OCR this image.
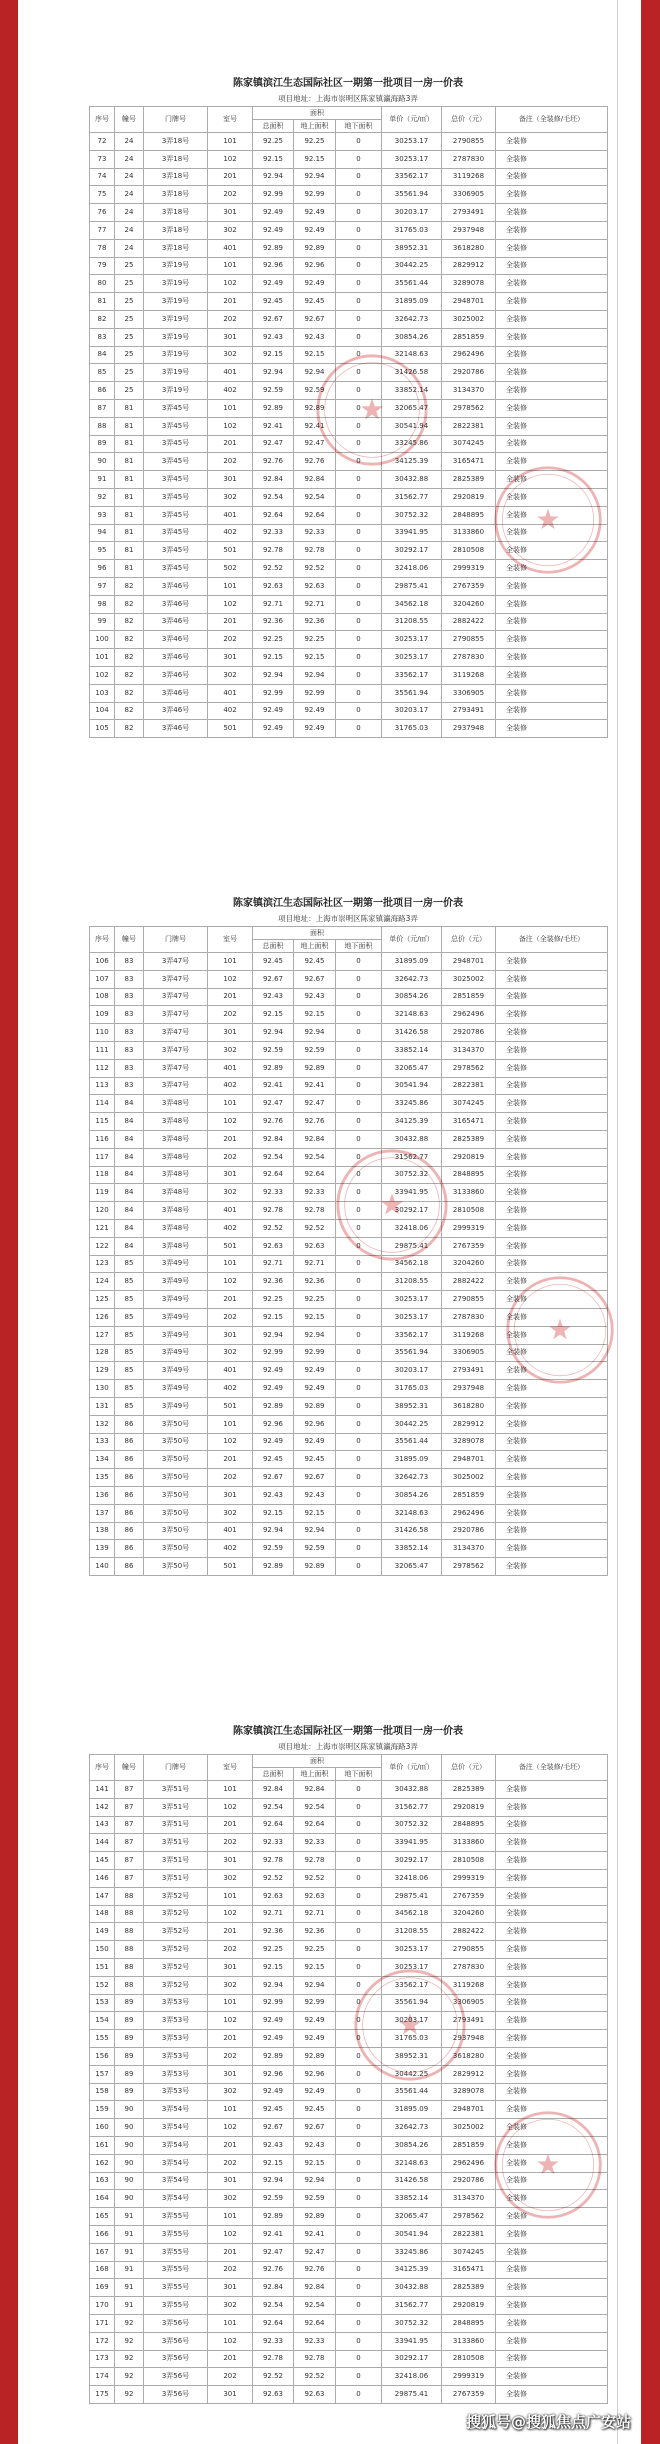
陈家镇滨江生态国际社区一期第一批项目一房一价表
项目地址：上海市崇明区陈家镇瀛海路3弄
序号	幢号	门牌号	室号	面积			单价（元/㎡）	总价（元）	备注（全装修/毛坯）
				总面积	地上面积	地下面积			
72	24	3弄18号	101	92.25	92.25	0	30253.17	2790855	全装修
73	24	3弄18号	102	92.15	92.15	0	30253.17	2787830	全装修
74	24	3弄18号	201	92.94	92.94	0	33562.17	3119268	全装修
75	24	3弄18号	202	92.99	92.99	0	35561.94	3306905	全装修
76	24	3弄18号	301	92.49	92.49	0	30203.17	2793491	全装修
77	24	3弄18号	302	92.49	92.49	0	31765.03	2937948	全装修
78	24	3弄18号	401	92.89	92.89	0	38952.31	3618280	全装修
79	25	3弄19号	101	92.96	92.96	0	30442.25	2829912	全装修
80	25	3弄19号	102	92.49	92.49	0	35561.44	3289078	全装修
81	25	3弄19号	201	92.45	92.45	0	31895.09	2948701	全装修
82	25	3弄19号	202	92.67	92.67	0	32642.73	3025002	全装修
83	25	3弄19号	301	92.43	92.43	0	30854.26	2851859	全装修
84	25	3弄19号	302	92.15	92.15	0	32148.63	2962496	全装修
85	25	3弄19号	401	92.94	92.94	0	31426.58	2920786	全装修
86	25	3弄19号	402	92.59	92.59	0	33852.14	3134370	全装修
87	81	3弄45号	101	92.89	92.89	0	32065.47	2978562	全装修
88	81	3弄45号	102	92.41	92.41	0	30541.94	2822381	全装修
89	81	3弄45号	201	92.47	92.47	0	33245.86	3074245	全装修
90	81	3弄45号	202	92.76	92.76	0	34125.39	3165471	全装修
91	81	3弄45号	301	92.84	92.84	0	30432.88	2825389	全装修
92	81	3弄45号	302	92.54	92.54	0	31562.77	2920819	全装修
93	81	3弄45号	401	92.64	92.64	0	30752.32	2848895	全装修
94	81	3弄45号	402	92.33	92.33	0	33941.95	3133860	全装修
95	81	3弄45号	501	92.78	92.78	0	30292.17	2810508	全装修
96	81	3弄45号	502	92.52	92.52	0	32418.06	2999319	全装修
97	82	3弄46号	101	92.63	92.63	0	29875.41	2767359	全装修
98	82	3弄46号	102	92.71	92.71	0	34562.18	3204260	全装修
99	82	3弄46号	201	92.36	92.36	0	31208.55	2882422	全装修
100	82	3弄46号	202	92.25	92.25	0	30253.17	2790855	全装修
101	82	3弄46号	301	92.15	92.15	0	30253.17	2787830	全装修
102	82	3弄46号	302	92.94	92.94	0	33562.17	3119268	全装修
103	82	3弄46号	401	92.99	92.99	0	35561.94	3306905	全装修
104	82	3弄46号	402	92.49	92.49	0	30203.17	2793491	全装修
105	82	3弄46号	501	92.49	92.49	0	31765.03	2937948	全装修
陈家镇滨江生态国际社区一期第一批项目一房一价表
项目地址：上海市崇明区陈家镇瀛海路3弄
序号	幢号	门牌号	室号	面积			单价（元/㎡）	总价（元）	备注（全装修/毛坯）
				总面积	地上面积	地下面积			
106	83	3弄47号	101	92.45	92.45	0	31895.09	2948701	全装修
107	83	3弄47号	102	92.67	92.67	0	32642.73	3025002	全装修
108	83	3弄47号	201	92.43	92.43	0	30854.26	2851859	全装修
109	83	3弄47号	202	92.15	92.15	0	32148.63	2962496	全装修
110	83	3弄47号	301	92.94	92.94	0	31426.58	2920786	全装修
111	83	3弄47号	302	92.59	92.59	0	33852.14	3134370	全装修
112	83	3弄47号	401	92.89	92.89	0	32065.47	2978562	全装修
113	83	3弄47号	402	92.41	92.41	0	30541.94	2822381	全装修
114	84	3弄48号	101	92.47	92.47	0	33245.86	3074245	全装修
115	84	3弄48号	102	92.76	92.76	0	34125.39	3165471	全装修
116	84	3弄48号	201	92.84	92.84	0	30432.88	2825389	全装修
117	84	3弄48号	202	92.54	92.54	0	31562.77	2920819	全装修
118	84	3弄48号	301	92.64	92.64	0	30752.32	2848895	全装修
119	84	3弄48号	302	92.33	92.33	0	33941.95	3133860	全装修
120	84	3弄48号	401	92.78	92.78	0	30292.17	2810508	全装修
121	84	3弄48号	402	92.52	92.52	0	32418.06	2999319	全装修
122	84	3弄48号	501	92.63	92.63	0	29875.41	2767359	全装修
123	85	3弄49号	101	92.71	92.71	0	34562.18	3204260	全装修
124	85	3弄49号	102	92.36	92.36	0	31208.55	2882422	全装修
125	85	3弄49号	201	92.25	92.25	0	30253.17	2790855	全装修
126	85	3弄49号	202	92.15	92.15	0	30253.17	2787830	全装修
127	85	3弄49号	301	92.94	92.94	0	33562.17	3119268	全装修
128	85	3弄49号	302	92.99	92.99	0	35561.94	3306905	全装修
129	85	3弄49号	401	92.49	92.49	0	30203.17	2793491	全装修
130	85	3弄49号	402	92.49	92.49	0	31765.03	2937948	全装修
131	85	3弄49号	501	92.89	92.89	0	38952.31	3618280	全装修
132	86	3弄50号	101	92.96	92.96	0	30442.25	2829912	全装修
133	86	3弄50号	102	92.49	92.49	0	35561.44	3289078	全装修
134	86	3弄50号	201	92.45	92.45	0	31895.09	2948701	全装修
135	86	3弄50号	202	92.67	92.67	0	32642.73	3025002	全装修
136	86	3弄50号	301	92.43	92.43	0	30854.26	2851859	全装修
137	86	3弄50号	302	92.15	92.15	0	32148.63	2962496	全装修
138	86	3弄50号	401	92.94	92.94	0	31426.58	2920786	全装修
139	86	3弄50号	402	92.59	92.59	0	33852.14	3134370	全装修
140	86	3弄50号	501	92.89	92.89	0	32065.47	2978562	全装修
陈家镇滨江生态国际社区一期第一批项目一房一价表
项目地址：上海市崇明区陈家镇瀛海路3弄
序号	幢号	门牌号	室号	面积			单价（元/㎡）	总价（元）	备注（全装修/毛坯）
				总面积	地上面积	地下面积			
141	87	3弄51号	101	92.84	92.84	0	30432.88	2825389	全装修
142	87	3弄51号	102	92.54	92.54	0	31562.77	2920819	全装修
143	87	3弄51号	201	92.64	92.64	0	30752.32	2848895	全装修
144	87	3弄51号	202	92.33	92.33	0	33941.95	3133860	全装修
145	87	3弄51号	301	92.78	92.78	0	30292.17	2810508	全装修
146	87	3弄51号	302	92.52	92.52	0	32418.06	2999319	全装修
147	88	3弄52号	101	92.63	92.63	0	29875.41	2767359	全装修
148	88	3弄52号	102	92.71	92.71	0	34562.18	3204260	全装修
149	88	3弄52号	201	92.36	92.36	0	31208.55	2882422	全装修
150	88	3弄52号	202	92.25	92.25	0	30253.17	2790855	全装修
151	88	3弄52号	301	92.15	92.15	0	30253.17	2787830	全装修
152	88	3弄52号	302	92.94	92.94	0	33562.17	3119268	全装修
153	89	3弄53号	101	92.99	92.99	0	35561.94	3306905	全装修
154	89	3弄53号	102	92.49	92.49	0	30203.17	2793491	全装修
155	89	3弄53号	201	92.49	92.49	0	31765.03	2937948	全装修
156	89	3弄53号	202	92.89	92.89	0	38952.31	3618280	全装修
157	89	3弄53号	301	92.96	92.96	0	30442.25	2829912	全装修
158	89	3弄53号	302	92.49	92.49	0	35561.44	3289078	全装修
159	90	3弄54号	101	92.45	92.45	0	31895.09	2948701	全装修
160	90	3弄54号	102	92.67	92.67	0	32642.73	3025002	全装修
161	90	3弄54号	201	92.43	92.43	0	30854.26	2851859	全装修
162	90	3弄54号	202	92.15	92.15	0	32148.63	2962496	全装修
163	90	3弄54号	301	92.94	92.94	0	31426.58	2920786	全装修
164	90	3弄54号	302	92.59	92.59	0	33852.14	3134370	全装修
165	91	3弄55号	101	92.89	92.89	0	32065.47	2978562	全装修
166	91	3弄55号	102	92.41	92.41	0	30541.94	2822381	全装修
167	91	3弄55号	201	92.47	92.47	0	33245.86	3074245	全装修
168	91	3弄55号	202	92.76	92.76	0	34125.39	3165471	全装修
169	91	3弄55号	301	92.84	92.84	0	30432.88	2825389	全装修
170	91	3弄55号	302	92.54	92.54	0	31562.77	2920819	全装修
171	92	3弄56号	101	92.64	92.64	0	30752.32	2848895	全装修
172	92	3弄56号	102	92.33	92.33	0	33941.95	3133860	全装修
173	92	3弄56号	201	92.78	92.78	0	30292.17	2810508	全装修
174	92	3弄56号	202	92.52	92.52	0	32418.06	2999319	全装修
175	92	3弄56号	301	92.63	92.63	0	29875.41	2767359	全装修
搜狐号@搜狐焦点广安站
